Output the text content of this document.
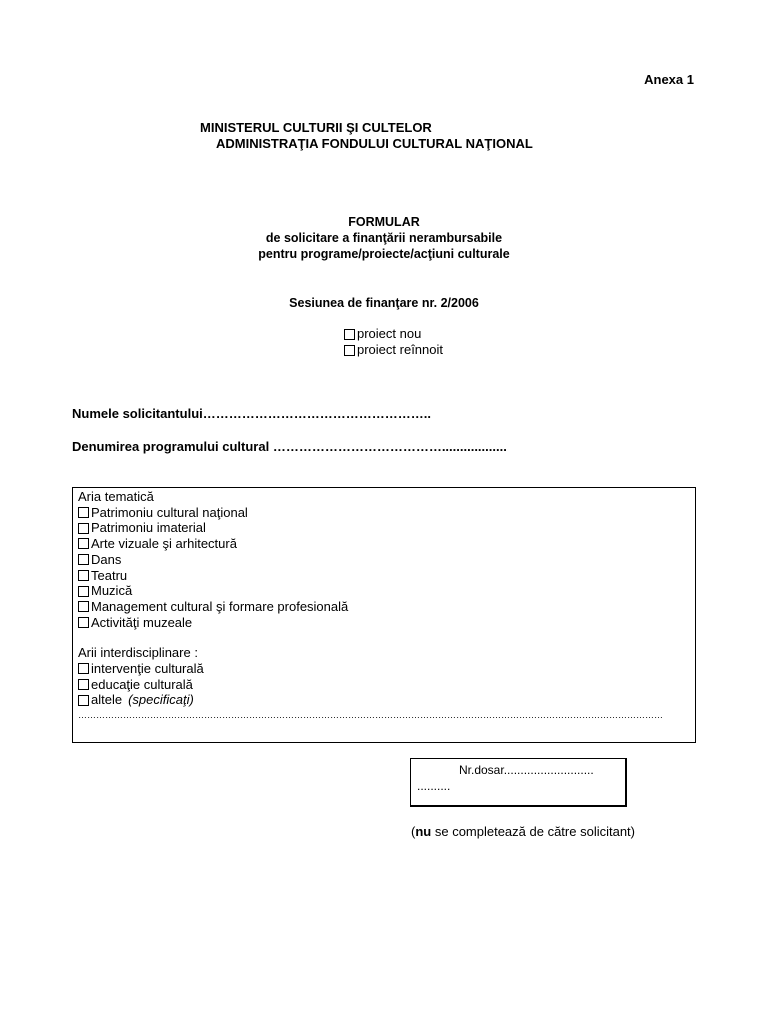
Anexa 1
MINISTERUL CULTURII ŞI CULTELOR
ADMINISTRAŢIA FONDULUI CULTURAL NAŢIONAL
FORMULAR
de solicitare a finanţării nerambursabile
pentru programe/proiecte/acţiuni culturale
Sesiunea de finanţare nr. 2/2006
proiect nou
proiect reînnoit
Numele solicitantului……………………………………………..
Denumirea programului cultural …………………………………..................
Aria tematică
Patrimoniu cultural naţional
Patrimoniu imaterial
Arte vizuale şi arhitectură
Dans
Teatru
Muzică
Management cultural şi formare profesională
Activităţi muzeale
Arii interdisciplinare :
intervenţie culturală
educaţie culturală
altele (specificaţi)
……………………………………………………………………………………………………………………………………………………………………………
Nr.dosar...........................
..........
(nu se completează de către solicitant)
